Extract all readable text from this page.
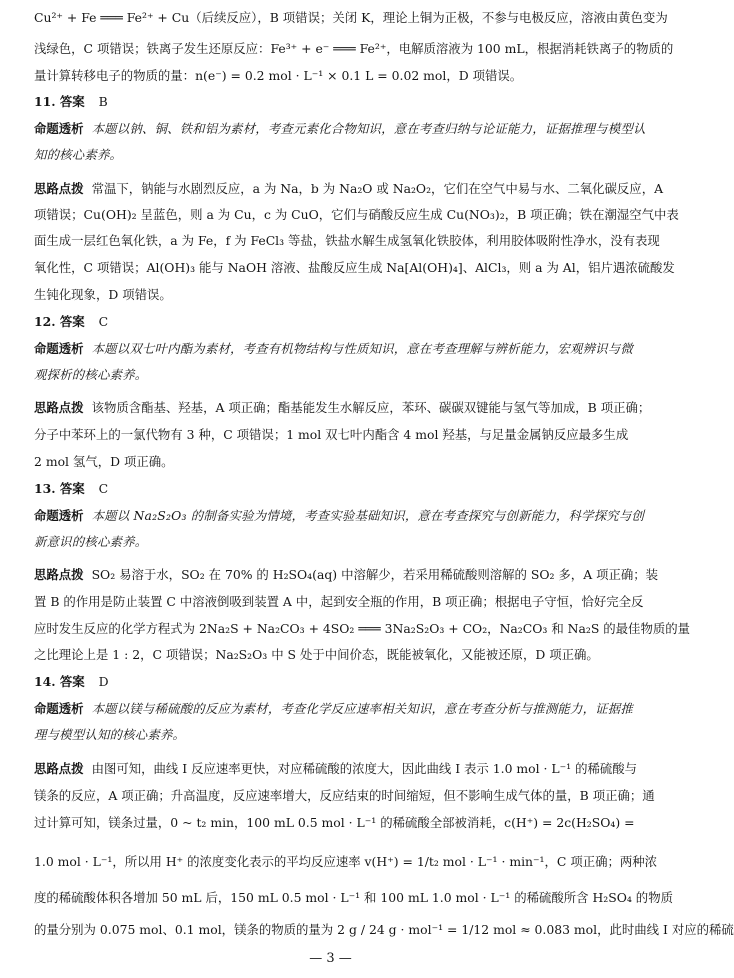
Cu²⁺ + Fe ═══ Fe²⁺ + Cu（后续反应），B 项错误；关闭 K，理论上铜为正极，不参与电极反应，溶液由黄色变为
浅绿色，C 项错误；铁离子发生还原反应：Fe³⁺ + e⁻ ═══ Fe²⁺，电解质溶液为 100 mL，根据消耗铁离子的物质的
量计算转移电子的物质的量：n(e⁻) = 0.2 mol · L⁻¹ × 0.1 L = 0.02 mol，D 项错误。
11. 答案 B
命题透析 本题以钠、铜、铁和铝为素材，考查元素化合物知识，意在考查归纳与论证能力，证据推理与模型认
知的核心素养。
思路点拨 常温下，钠能与水剧烈反应，a 为 Na，b 为 Na₂O 或 Na₂O₂，它们在空气中易与水、二氧化碳反应，A
项错误；Cu(OH)₂ 呈蓝色，则 a 为 Cu，c 为 CuO，它们与硝酸反应生成 Cu(NO₃)₂，B 项正确；铁在潮湿空气中表
面生成一层红色氧化铁，a 为 Fe，f 为 FeCl₃ 等盐，铁盐水解生成氢氧化铁胶体，利用胶体吸附性净水，没有表现
氧化性，C 项错误；Al(OH)₃ 能与 NaOH 溶液、盐酸反应生成 Na[Al(OH)₄]、AlCl₃，则 a 为 Al，铝片遇浓硫酸发
生钝化现象，D 项错误。
12. 答案 C
命题透析 本题以双七叶内酯为素材，考查有机物结构与性质知识，意在考查理解与辨析能力，宏观辨识与微
观探析的核心素养。
思路点拨 该物质含酯基、羟基，A 项正确；酯基能发生水解反应，苯环、碳碳双键能与氢气等加成，B 项正确；
分子中苯环上的一氯代物有 3 种，C 项错误；1 mol 双七叶内酯含 4 mol 羟基，与足量金属钠反应最多生成
2 mol 氢气，D 项正确。
13. 答案 C
命题透析 本题以 Na₂S₂O₃ 的制备实验为情境，考查实验基础知识，意在考查探究与创新能力，科学探究与创
新意识的核心素养。
思路点拨 SO₂ 易溶于水，SO₂ 在 70% 的 H₂SO₄(aq) 中溶解少，若采用稀硫酸则溶解的 SO₂ 多，A 项正确；装
置 B 的作用是防止装置 C 中溶液倒吸到装置 A 中，起到安全瓶的作用，B 项正确；根据电子守恒，恰好完全反
应时发生反应的化学方程式为 2Na₂S + Na₂CO₃ + 4SO₂ ═══ 3Na₂S₂O₃ + CO₂，Na₂CO₃ 和 Na₂S 的最佳物质的量
之比理论上是 1 : 2，C 项错误；Na₂S₂O₃ 中 S 处于中间价态，既能被氧化，又能被还原，D 项正确。
14. 答案 D
命题透析 本题以镁与稀硫酸的反应为素材，考查化学反应速率相关知识，意在考查分析与推测能力，证据推
理与模型认知的核心素养。
思路点拨 由图可知，曲线 Ⅰ 反应速率更快，对应稀硫酸的浓度大，因此曲线 Ⅰ 表示 1.0 mol · L⁻¹ 的稀硫酸与
镁条的反应，A 项正确；升高温度，反应速率增大，反应结束的时间缩短，但不影响生成气体的量，B 项正确；通
过计算可知，镁条过量，0 ~ t₂ min，100 mL 0.5 mol · L⁻¹ 的稀硫酸全部被消耗，c(H⁺) = 2c(H₂SO₄) =
1.0 mol · L⁻¹，所以用 H⁺ 的浓度变化表示的平均反应速率 v(H⁺) = 1/t₂ mol · L⁻¹ · min⁻¹，C 项正确；两种浓
度的稀硫酸体积各增加 50 mL 后，150 mL 0.5 mol · L⁻¹ 和 100 mL 1.0 mol · L⁻¹ 的稀硫酸所含 H₂SO₄ 的物质
的量分别为 0.075 mol、0.1 mol，镁条的物质的量为 2 g / 24 g · mol⁻¹ = 1/12 mol ≈ 0.083 mol，此时曲线 Ⅰ 对应的稀硫
— 3 —
